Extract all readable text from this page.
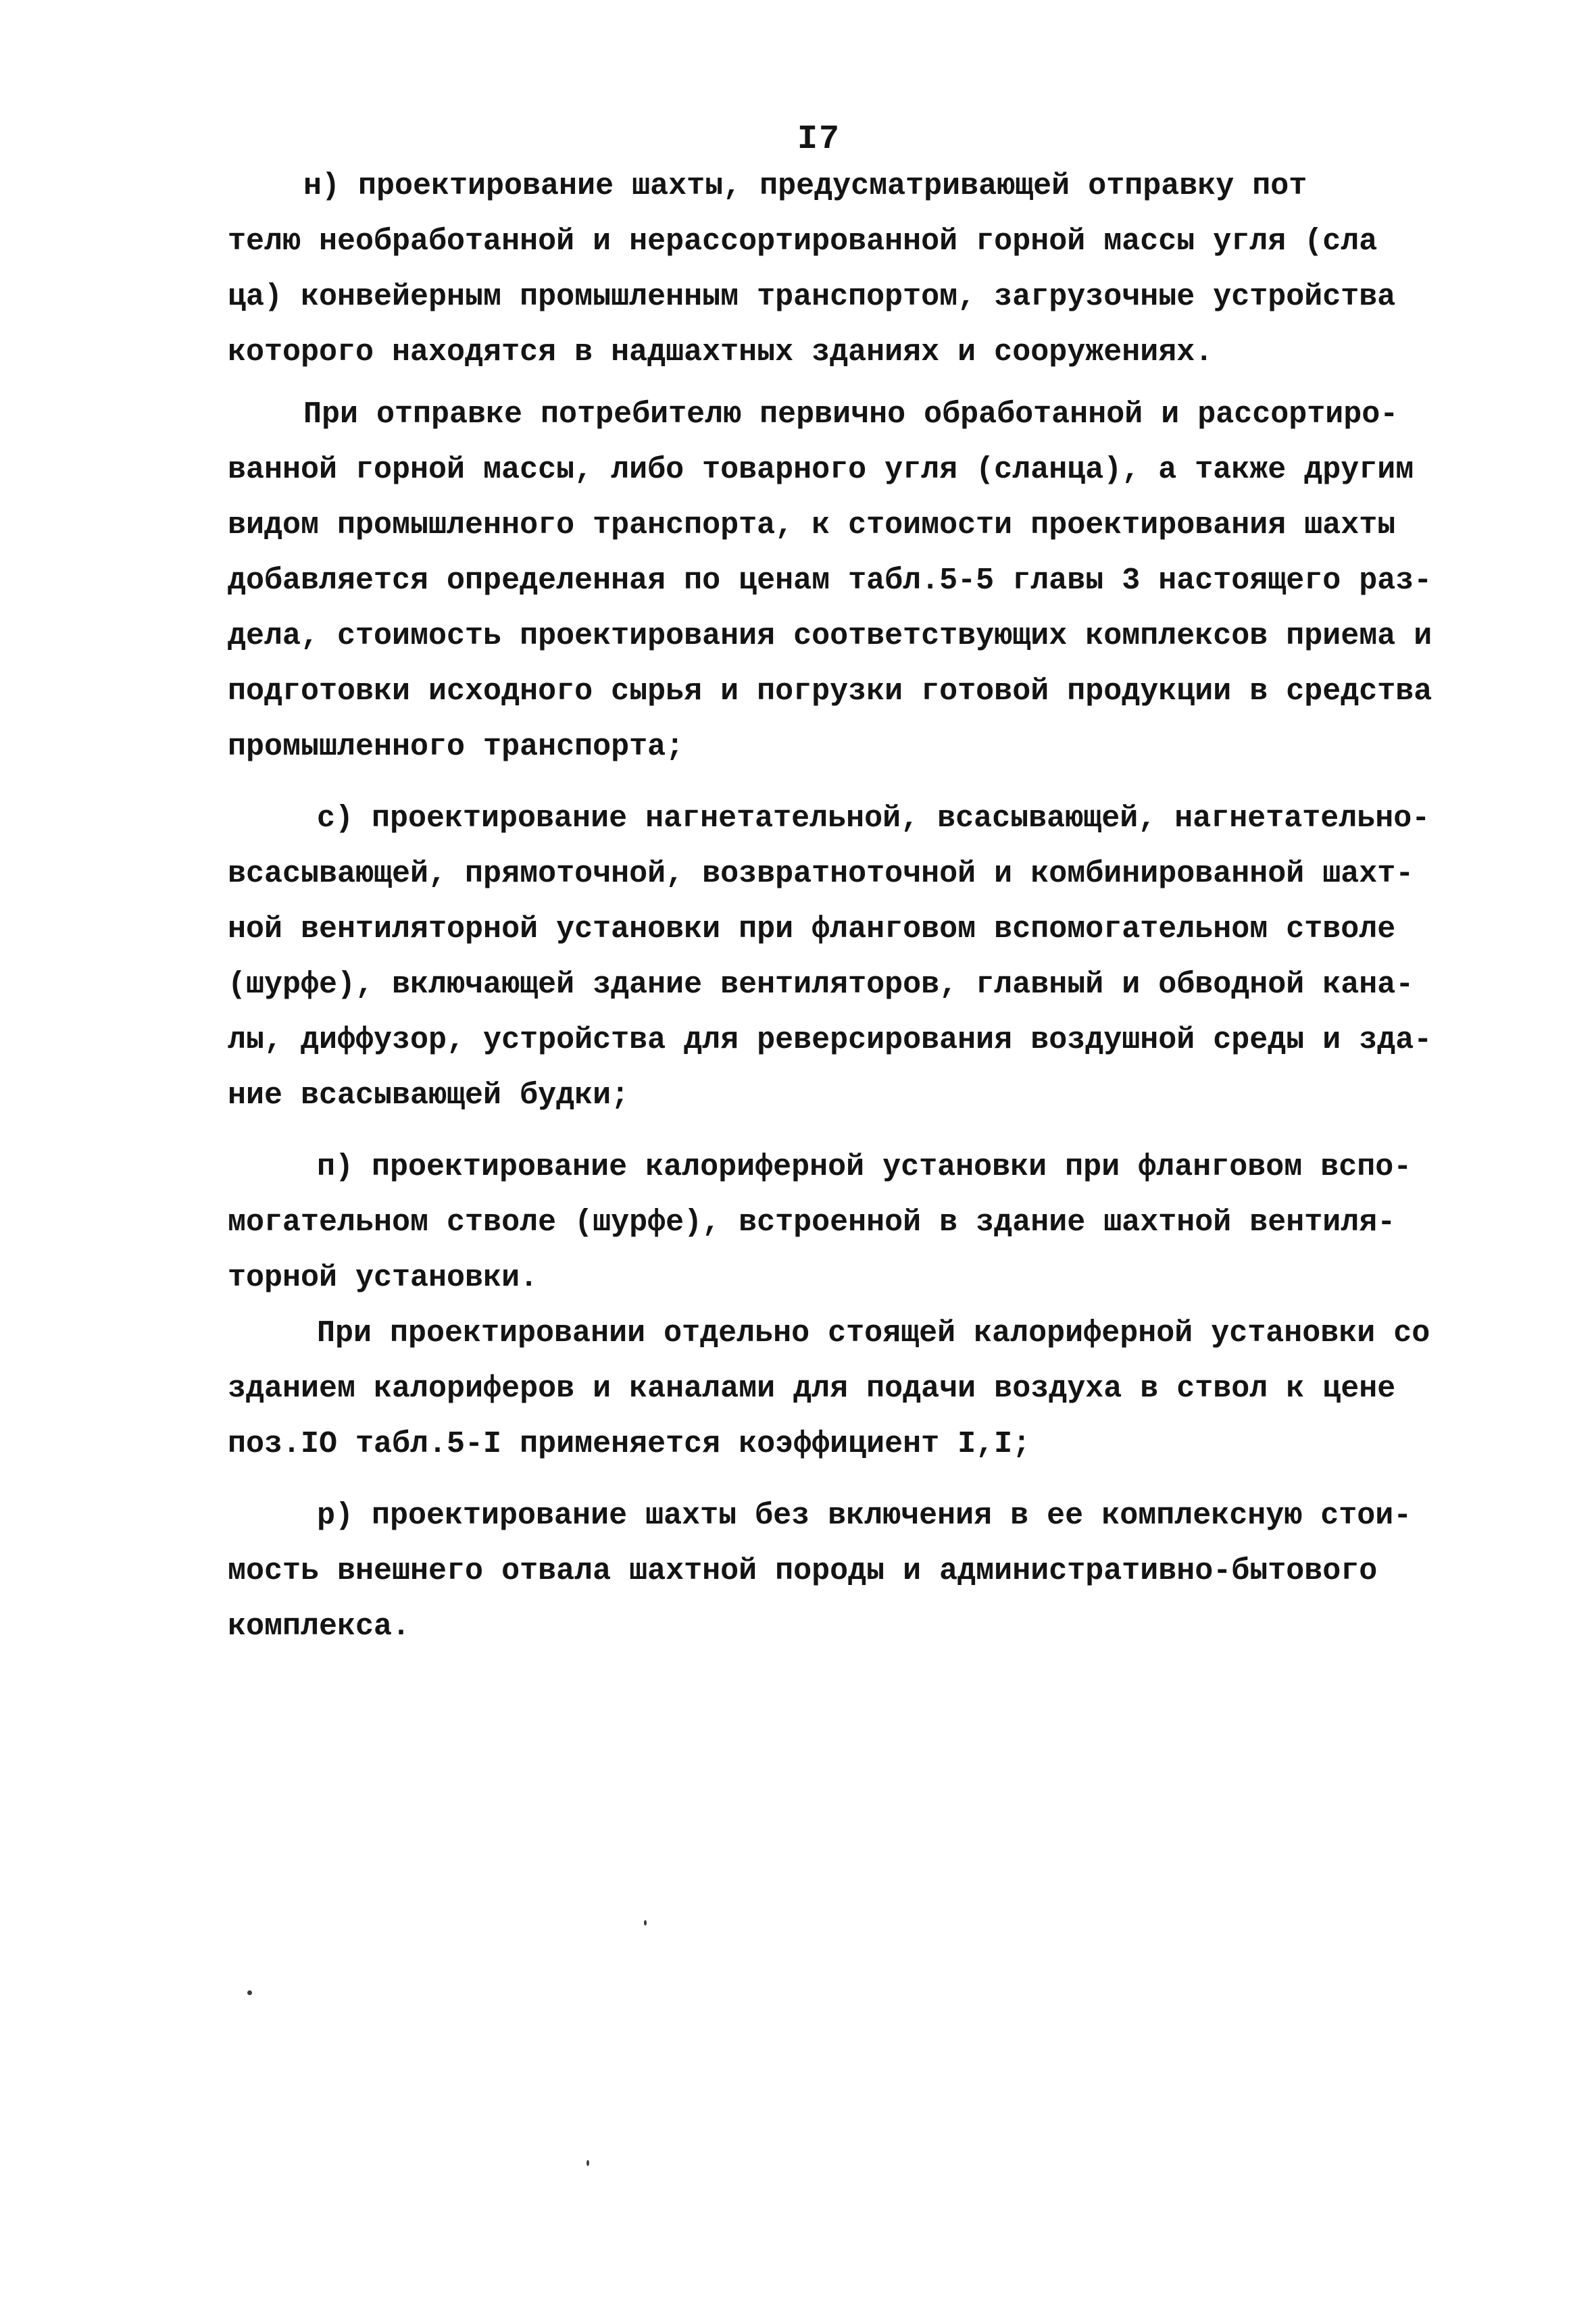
I7
н) проектирование шахты, предусматривающей отправку пот
телю необработанной и нерассортированной горной массы угля (сла
ца) конвейерным промышленным транспортом, загрузочные устройства
которого находятся в надшахтных зданиях и сооружениях.
При отправке потребителю первично обработанной и рассортиро-
ванной горной массы, либо товарного угля (сланца), а также другим
видом промышленного транспорта, к стоимости проектирования шахты
добавляется определенная по ценам табл.5-5 главы 3 настоящего раз-
дела, стоимость проектирования соответствующих комплексов приема и
подготовки исходного сырья и погрузки готовой продукции в средства
промышленного транспорта;
с) проектирование нагнетательной, всасывающей, нагнетательно-
всасывающей, прямоточной, возвратноточной и комбинированной шахт-
ной вентиляторной установки при фланговом вспомогательном стволе
(шурфе), включающей здание вентиляторов, главный и обводной кана-
лы, диффузор, устройства для реверсирования воздушной среды и зда-
ние всасывающей будки;
п) проектирование калориферной установки при фланговом вспо-
могательном стволе (шурфе), встроенной в здание шахтной вентиля-
торной установки.
При проектировании отдельно стоящей калориферной установки со
зданием калориферов и каналами для подачи воздуха в ствол к цене
поз.IO табл.5-I применяется коэффициент I,I;
р) проектирование шахты без включения в ее комплексную стои-
мость внешнего отвала шахтной породы и административно-бытового
комплекса.
